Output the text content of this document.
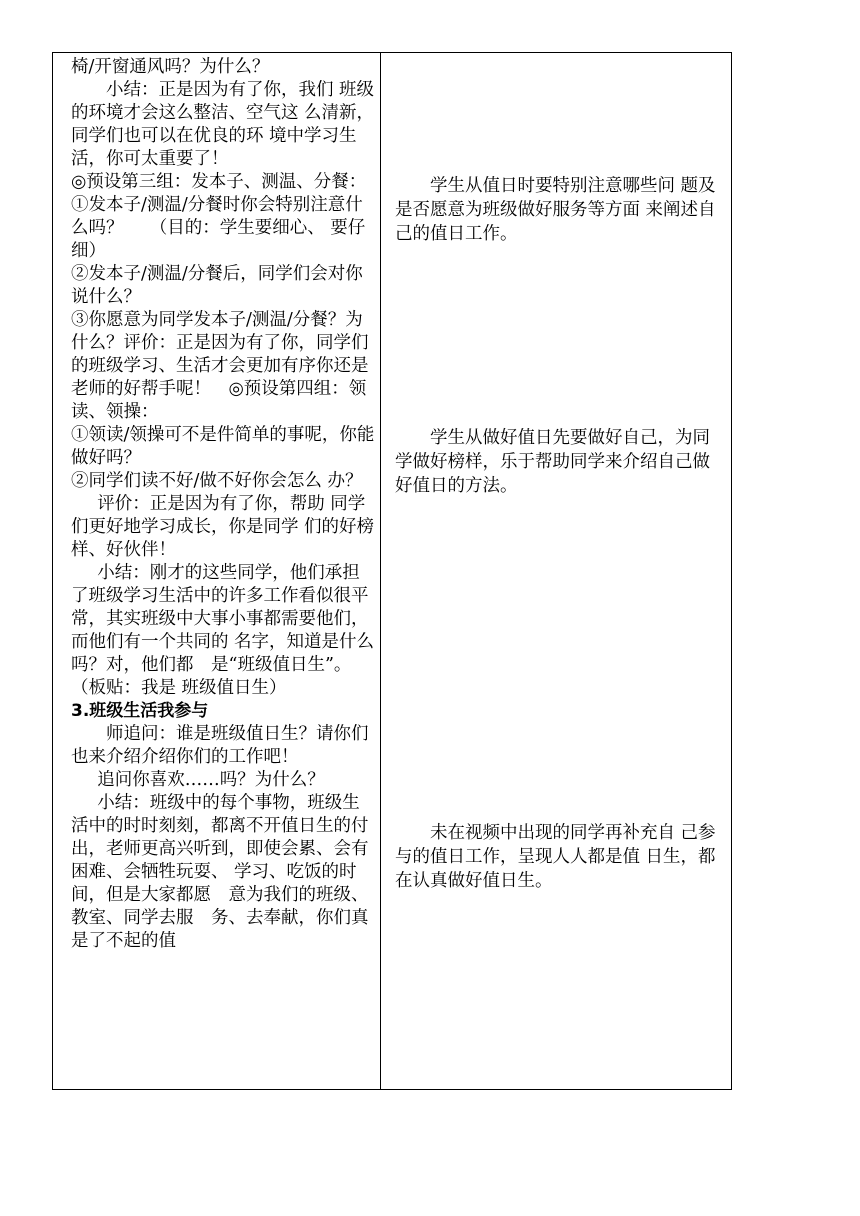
椅/开窗通风吗？为什么？

小结：正是因为有了你，我们 班级的环境才会这么整洁、空气这 么清新，同学们也可以在优良的环 境中学习生活，你可太重要了！

◎预设第三组：发本子、测温、分餐：

①发本子/测温/分餐时你会特别注意什么吗？　　（目的：学生要细心、 要仔细）

②发本子/测温/分餐后，同学们会对你说什么？

③你愿意为同学发本子/测温/分餐？为什么？评价：正是因为有了你，同学们的班级学习、生活才会更加有序你还是老师的好帮手呢！　◎预设第四组：领读、领操：

①领读/领操可不是件简单的事呢，你能做好吗？

②同学们读不好/做不好你会怎么 办？

评价：正是因为有了你，帮助 同学们更好地学习成长，你是同学 们的好榜样、好伙伴！

小结：刚才的这些同学，他们承担了班级学习生活中的许多工作看似很平常，其实班级中大事小事都需要他们，而他们有一个共同的 名字，知道是什么吗？对，他们都　是“班级值日生”。　　（板贴：我是 班级值日生）

3.班级生活我参与

师追问：谁是班级值日生？请你们也来介绍介绍你们的工作吧！

追问你喜欢……吗？为什么？

小结：班级中的每个事物，班级生活中的时时刻刻，都离不开值日生的付出，老师更高兴听到，即使会累、会有困难、会牺牲玩耍、 学习、吃饭的时间，但是大家都愿　意为我们的班级、教室、同学去服　务、去奉献，你们真是了不起的值

学生从值日时要特别注意哪些问 题及是否愿意为班级做好服务等方面 来阐述自己的值日工作。

学生从做好值日先要做好自己，为同学做好榜样，乐于帮助同学来介绍自己做好值日的方法。

未在视频中出现的同学再补充自 己参与的值日工作，呈现人人都是值 日生，都在认真做好值日生。
